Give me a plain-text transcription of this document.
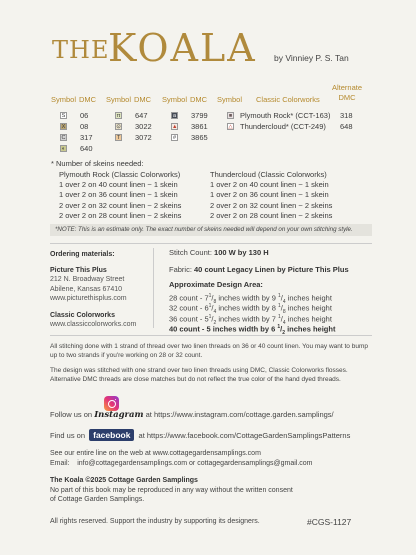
THE
KOALA by Vinniey P. S. Tan
Symbol DMC Symbol DMC Symbol DMC Symbol Classic Colorworks
Alternate DMC
S 06
X 08
C 317
◐ 640
π 647
⊙ 3022
T 3072
a 3799
▲ 3861
# 3865
■ Plymouth Rock* (CCT-163) 318
△ Thundercloud* (CCT-249) 648
* Number of skeins needed:
Plymouth Rock (Classic Colorworks)
1 over 2 on 40 count linen ~ 1 skein
1 over 2 on 36 count linen ~ 1 skein
2 over 2 on 32 count linen ~ 2 skeins
2 over 2 on 28 count linen ~ 2 skeins
Thundercloud (Classic Colorworks)
1 over 2 on 40 count linen ~ 1 skein
1 over 2 on 36 count linen ~ 1 skein
2 over 2 on 32 count linen ~ 2 skeins
2 over 2 on 28 count linen ~ 2 skeins
*NOTE: This is an estimate only. The exact number of skeins needed will depend on your own stitching style.
Ordering materials:
Picture This Plus
212 N. Broadway Street
Abilene, Kansas 67410
www.picturethisplus.com
Classic Colorworks
www.classiccolorworks.com
Stitch Count: 100 W by 130 H
Fabric: 40 count Legacy Linen by Picture This Plus
Approximate Design Area:
28 count - $7^1/_8$ inches width by 9 $^1/_4$ inches height
32 count - $6^1/_4$ inches width by 8 $^1/_8$ inches height
36 count - $5^1/_2$ inches width by 7 $^1/_4$ inches height
40 count - 5 inches width by 6 $^1/_2$ inches height
All stitching done with 1 strand of thread over two linen threads on 36 or 40 count linen. You may want to bump up to two strands if you're working on 28 or 32 count.
The design was stitched with one strand over two linen threads using DMC, Classic Colorworks flosses. Alternative DMC threads are close matches but do not reflect the true color of the hand dyed threads.
Follow us on Instagram at https://www.instagram.com/cottage.garden.samplings/
Find us on facebook at https://www.facebook.com/CottageGardenSamplingsPatterns
See our entire line on the web at www.cottagegardensamplings.com
Email: info@cottagegardensamplings.com or cottagegardensamplings@gmail.com
The Koala ©2025 Cottage Garden Samplings
No part of this book may be reproduced in any way without the written consent
of Cottage Garden Samplings.
All rights reserved. Support the industry by supporting its designers.	#CGS-1127
